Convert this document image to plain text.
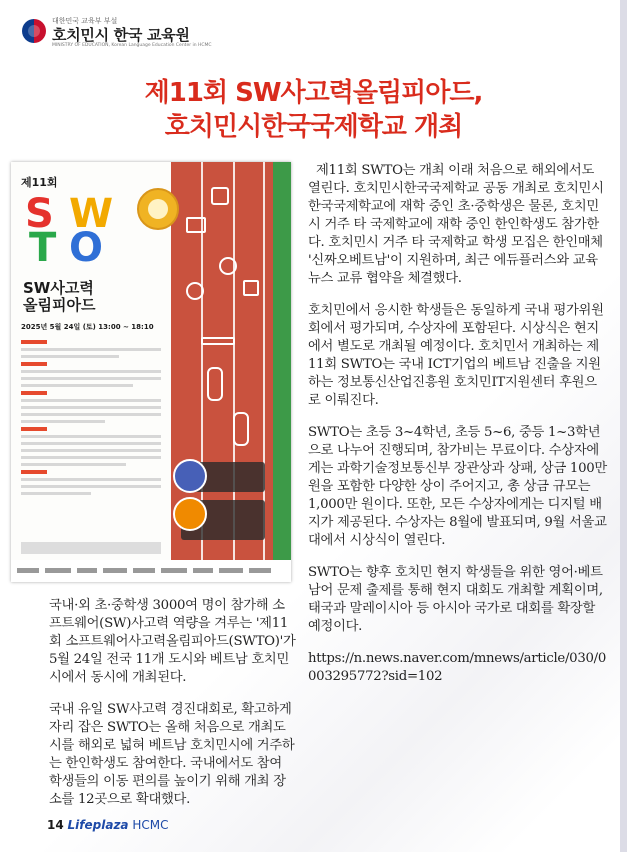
대한민국 교육부 부설
호치민시 한국 교육원
MINISTRY OF EDUCATION, Korean Language Education Center in HCMC
제11회 SW사고력올림피아드,
호치민시한국국제학교 개최
제11회
S W
T O
SW사고력
올림피아드
2025년 5월 24일 (토) 13:00 ~ 18:10

제11회 SWTO는 개최 이래 처음으로 해외에서도 열린다. 호치민시한국국제학교 공동 개최로 호치민시한국국제학교에 재학 중인 초·중학생은 물론, 호치민시 거주 타 국제학교에 재학 중인 한인학생도 참가한다. 호치민시 거주 타 국제학교 학생 모집은 한인매체 '신짜오베트남'이 지원하며, 최근 에듀플러스와 교육 뉴스 교류 협약을 체결했다.

호치민에서 응시한 학생들은 동일하게 국내 평가위원회에서 평가되며, 수상자에 포함된다. 시상식은 현지에서 별도로 개최될 예정이다. 호치민서 개최하는 제11회 SWTO는 국내 ICT기업의 베트남 진출을 지원하는 정보통신산업진흥원 호치민IT지원센터 후원으로 이뤄진다.

SWTO는 초등 3~4학년, 초등 5~6, 중등 1~3학년 으로 나누어 진행되며, 참가비는 무료이다. 수상자에게는 과학기술정보통신부 장관상과 상패, 상금 100만원을 포함한 다양한 상이 주어지고, 총 상금 규모는 1,000만 원이다. 또한, 모든 수상자에게는 디지털 배지가 제공된다. 수상자는 8월에 발표되며, 9월 서울교대에서 시상식이 열린다.

SWTO는 향후 호치민 현지 학생들을 위한 영어·베트남어 문제 출제를 통해 현지 대회도 개최할 계획이며, 태국과 말레이시아 등 아시아 국가로 대회를 확장할 예정이다.

https://n.news.naver.com/mnews/article/030/0003295772?sid=102

국내·외 초·중학생 3000여 명이 참가해 소프트웨어(SW)사고력 역량을 겨루는 '제11회 소프트웨어사고력올림피아드(SWTO)'가 5월 24일 전국 11개 도시와 베트남 호치민시에서 동시에 개최된다.

국내 유일 SW사고력 경진대회로, 확고하게 자리 잡은 SWTO는 올해 처음으로 개최도시를 해외로 넓혀 베트남 호치민시에 거주하는 한인학생도 참여한다. 국내에서도 참여 학생들의 이동 편의를 높이기 위해 개최 장소를 12곳으로 확대했다.

14 Lifeplaza HCMC
